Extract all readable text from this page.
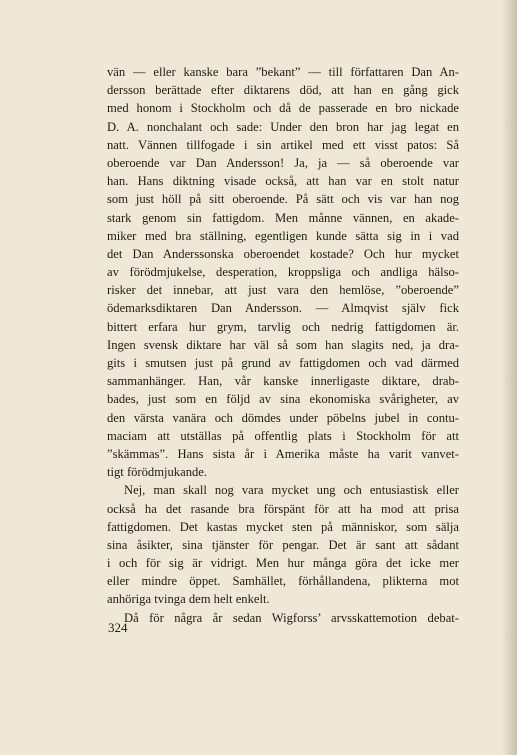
vän — eller kanske bara ”bekant” — till författaren Dan An-
dersson berättade efter diktarens död, att han en gång gick
med honom i Stockholm och då de passerade en bro nickade
D. A. nonchalant och sade: Under den bron har jag legat en
natt. Vännen tillfogade i sin artikel med ett visst patos: Så
oberoende var Dan Andersson! Ja, ja — så oberoende var
han. Hans diktning visade också, att han var en stolt natur
som just höll på sitt oberoende. På sätt och vis var han nog
stark genom sin fattigdom. Men månne vännen, en akade-
miker med bra ställning, egentligen kunde sätta sig in i vad
det Dan Anderssonska oberoendet kostade? Och hur mycket
av förödmjukelse, desperation, kroppsliga och andliga hälso-
risker det innebar, att just vara den hemlöse, ”oberoende”
ödemarksdiktaren Dan Andersson. — Almqvist själv fick
bittert erfara hur grym, tarvlig och nedrig fattigdomen är.
Ingen svensk diktare har väl så som han slagits ned, ja dra-
gits i smutsen just på grund av fattigdomen och vad därmed
sammanhänger. Han, vår kanske innerligaste diktare, drab-
bades, just som en följd av sina ekonomiska svårigheter, av
den värsta vanära och dömdes under pöbelns jubel in contu-
maciam att utställas på offentlig plats i Stockholm för att
”skämmas”. Hans sista år i Amerika måste ha varit vanvet-
tigt förödmjukande.
Nej, man skall nog vara mycket ung och entusiastisk eller
också ha det rasande bra förspänt för att ha mod att prisa
fattigdomen. Det kastas mycket sten på människor, som sälja
sina åsikter, sina tjänster för pengar. Det är sant att sådant
i och för sig är vidrigt. Men hur många göra det icke mer
eller mindre öppet. Samhället, förhållandena, plikterna mot
anhöriga tvinga dem helt enkelt.
Då för några år sedan Wigforss’ arvsskattemotion debat-
324
